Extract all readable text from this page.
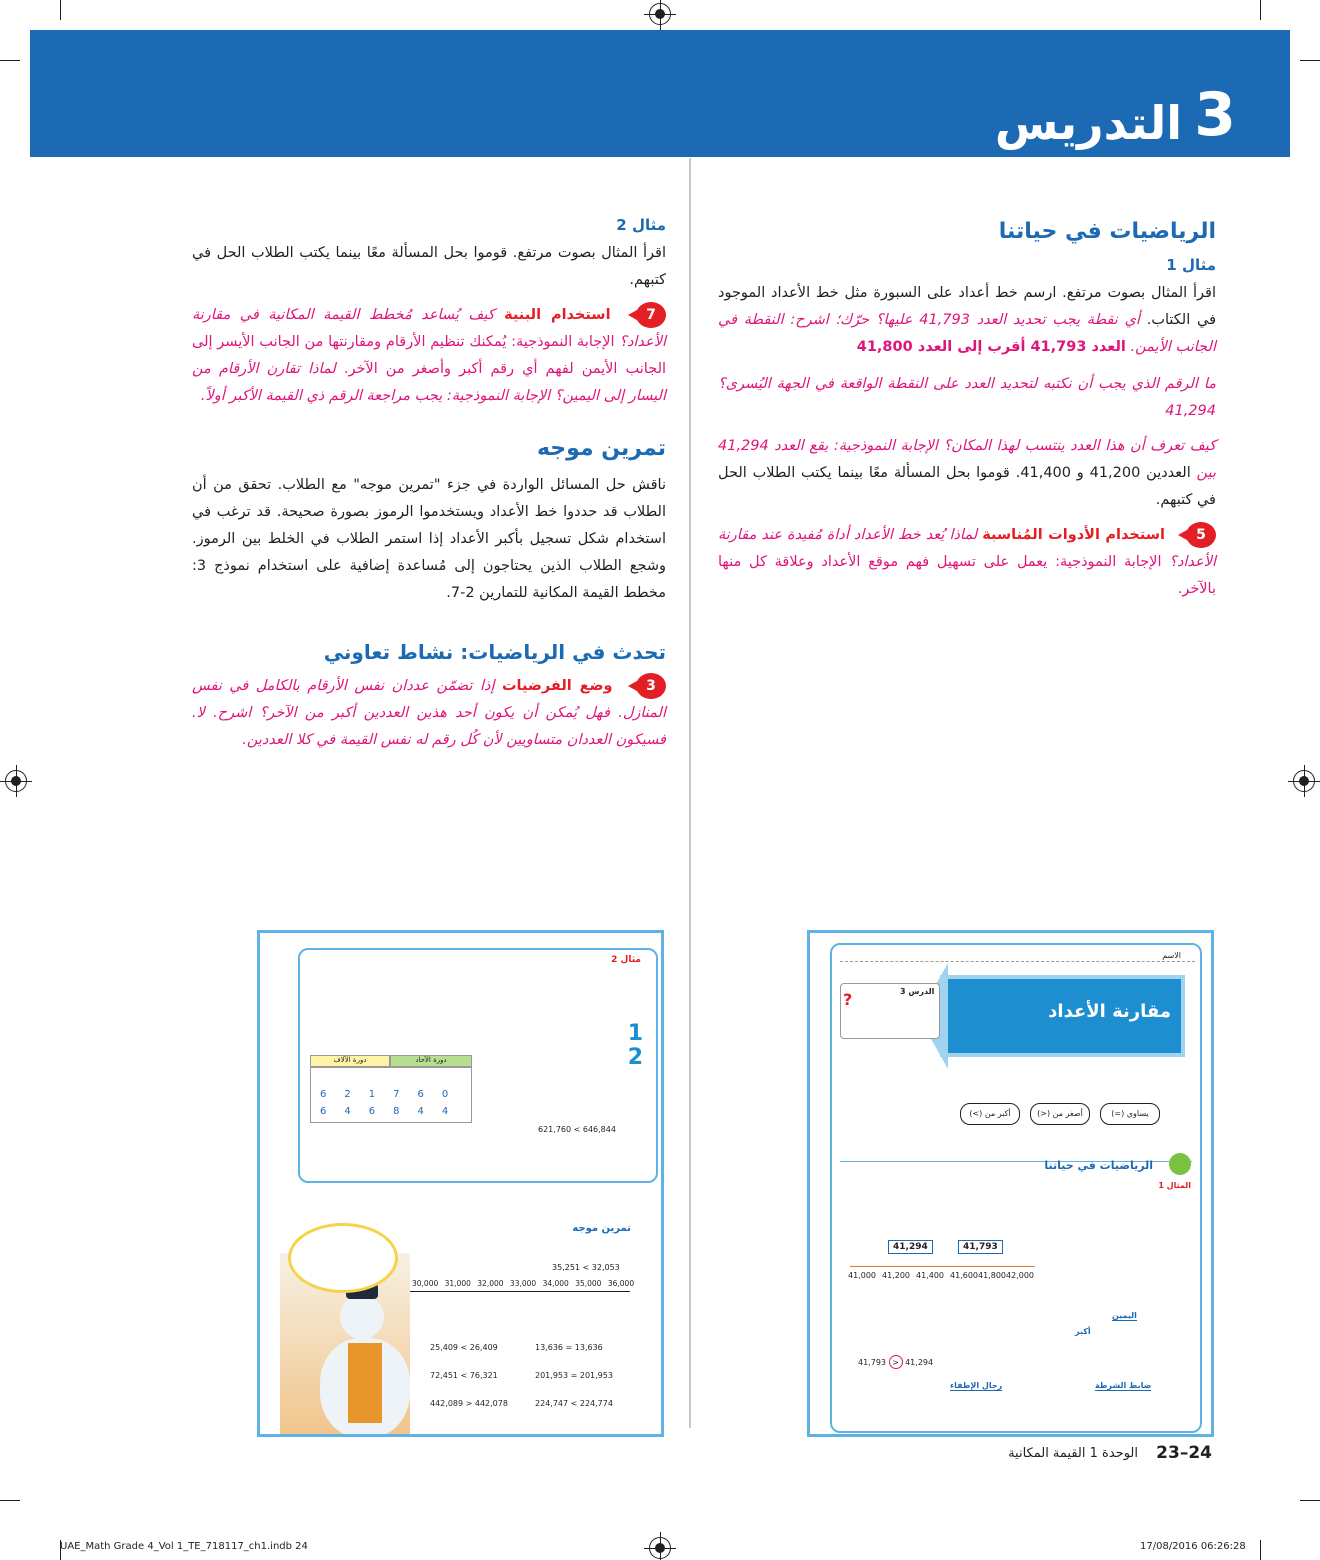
3
التدريس
الرياضيات في حياتنا
مثال 1
اقرأ المثال بصوت مرتفع. ارسم خط أعداد على السبورة مثل خط الأعداد الموجود في الكتاب. أي نقطة يجب تحديد العدد 41,793 عليها؟ حرّك؛ اشرح: النقطة في الجانب الأيمن. العدد 41,793 أقرب إلى العدد 41,800
ما الرقم الذي يجب أن نكتبه لتحديد العدد على النقطة الواقعة في الجهة اليُسرى؟ 41,294
كيف تعرف أن هذا العدد ينتسب لهذا المكان؟ الإجابة النموذجية: يقع العدد 41,294 بين العددين 41,200 و 41,400. قوموا بحل المسألة معًا بينما يكتب الطلاب الحل في كتبهم.
5
استخدام الأدوات المُناسبة لماذا يُعد خط الأعداد أداة مُفيدة عند مقارنة الأعداد؟ الإجابة النموذجية: يعمل على تسهيل فهم موقع الأعداد وعلاقة كل منها بالآخر.
مثال 2
اقرأ المثال بصوت مرتفع. قوموا بحل المسألة معًا بينما يكتب الطلاب الحل في كتبهم.
7
استخدام البنية كيف يُساعد مُخطط القيمة المكانية في مقارنة الأعداد؟ الإجابة النموذجية: يُمكنك تنظيم الأرقام ومقارنتها من الجانب الأيسر إلى الجانب الأيمن لفهم أي رقم أكبر وأصغر من الآخر. لماذا تقارن الأرقام من اليسار إلى اليمين؟ الإجابة النموذجية: يجب مراجعة الرقم ذي القيمة الأكبر أولاً.
تمرين موجه
ناقش حل المسائل الواردة في جزء "تمرين موجه" مع الطلاب. تحقق من أن الطلاب قد حددوا خط الأعداد ويستخدموا الرموز بصورة صحيحة. قد ترغب في استخدام شكل تسجيل بأكبر الأعداد إذا استمر الطلاب في الخلط بين الرموز. وشجع الطلاب الذين يحتاجون إلى مُساعدة إضافية على استخدام نموذج 3: مخطط القيمة المكانية للتمارين 2-7.
تحدث في الرياضيات: نشاط تعاوني
3
وضع الفرضيات إذا تضمّن عددان نفس الأرقام بالكامل في نفس المنازل. فهل يُمكن أن يكون أحد هذين العددين أكبر من الآخر؟ اشرح. لا. فسيكون العددان متساويين لأن كُل رقم له نفس القيمة في كلا العددين.
الاسم
مقارنة الأعداد
الدرس 3
?
يساوي (=)
أصغر من (<)
أكبر من (>)
الرياضيات في حياتنا
المثال 1
41,294	41,793
41,000 41,200 41,400 41,600 41,800 42,000
اليمين
أكبر
41,793 > 41,294
ضابط الشرطة
رجال الإطفاء
مثال 2
1
2
دورة الآلاف	دورة الآحاد
621760
646844
621,760 < 646,844
تمرين موجه
30,000 31,000 32,000 33,000 34,000 35,000 36,000
35,251 < 32,053
25,409 < 26,409	13,636 = 13,636
72,451 < 76,321	201,953 = 201,953
442,089 > 442,078	224,747 < 224,774
23–24
الوحدة 1 القيمة المكانية
UAE_Math Grade 4_Vol 1_TE_718117_ch1.indb 24	17/08/2016 06:26:28
